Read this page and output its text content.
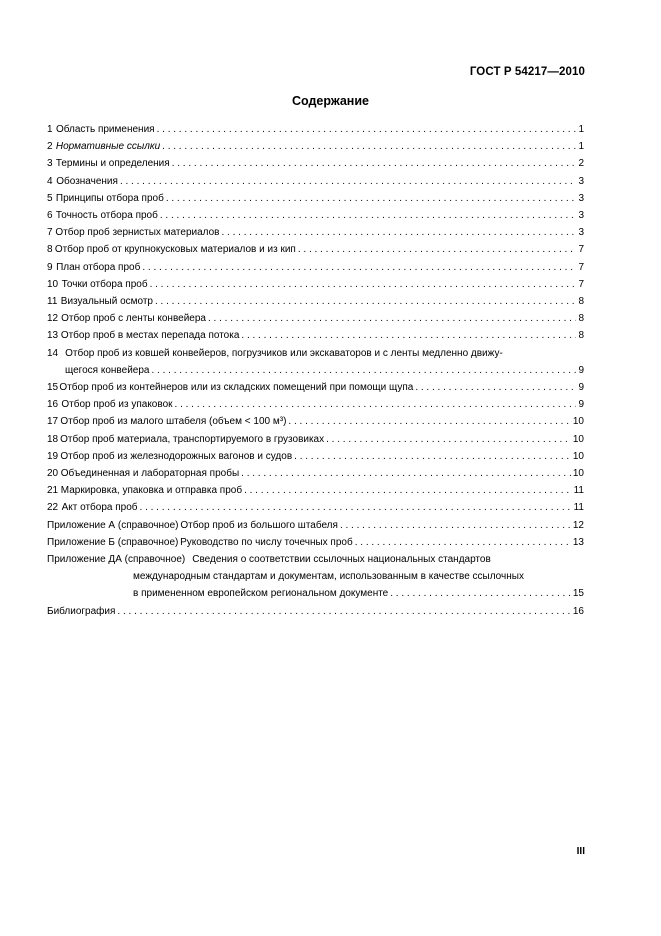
ГОСТ Р 54217—2010
Содержание
1 Область применения . . .	1
2 Нормативные ссылки . . .	1
3 Термины и определения . . .	2
4 Обозначения . . .	3
5 Принципы отбора проб . . .	3
6 Точность отбора проб . . .	3
7 Отбор проб зернистых материалов . . .	3
8 Отбор проб от крупнокусковых материалов и из кип . . .	7
9 План отбора проб . . .	7
10 Точки отбора проб . . .	7
11 Визуальный осмотр . . .	8
12 Отбор проб с ленты конвейера . . .	8
13 Отбор проб в местах перепада потока . . .	8
14 Отбор проб из ковшей конвейеров, погрузчиков или экскаваторов и с ленты медленно движу-
щегося конвейера . . .	9
15 Отбор проб из контейнеров или из складских помещений при помощи щупа . . .	9
16 Отбор проб из упаковок . . .	9
17 Отбор проб из малого штабеля (объем < 100 м³) . . .	10
18 Отбор проб материала, транспортируемого в грузовиках . . .	10
19 Отбор проб из железнодорожных вагонов и судов . . .	10
20 Объединенная и лабораторная пробы . . .	10
21 Маркировка, упаковка и отправка проб . . .	11
22 Акт отбора проб . . .	11
Приложение А (справочное) Отбор проб из большого штабеля . . .	12
Приложение Б (справочное) Руководство по числу точечных проб . . .	13
Приложение ДА (справочное) Сведения о соответствии ссылочных национальных стандартов
международным стандартам и документам, использованным в качестве ссылочных
в примененном европейском региональном документе . . .	15
Библиография . . .	16
III
